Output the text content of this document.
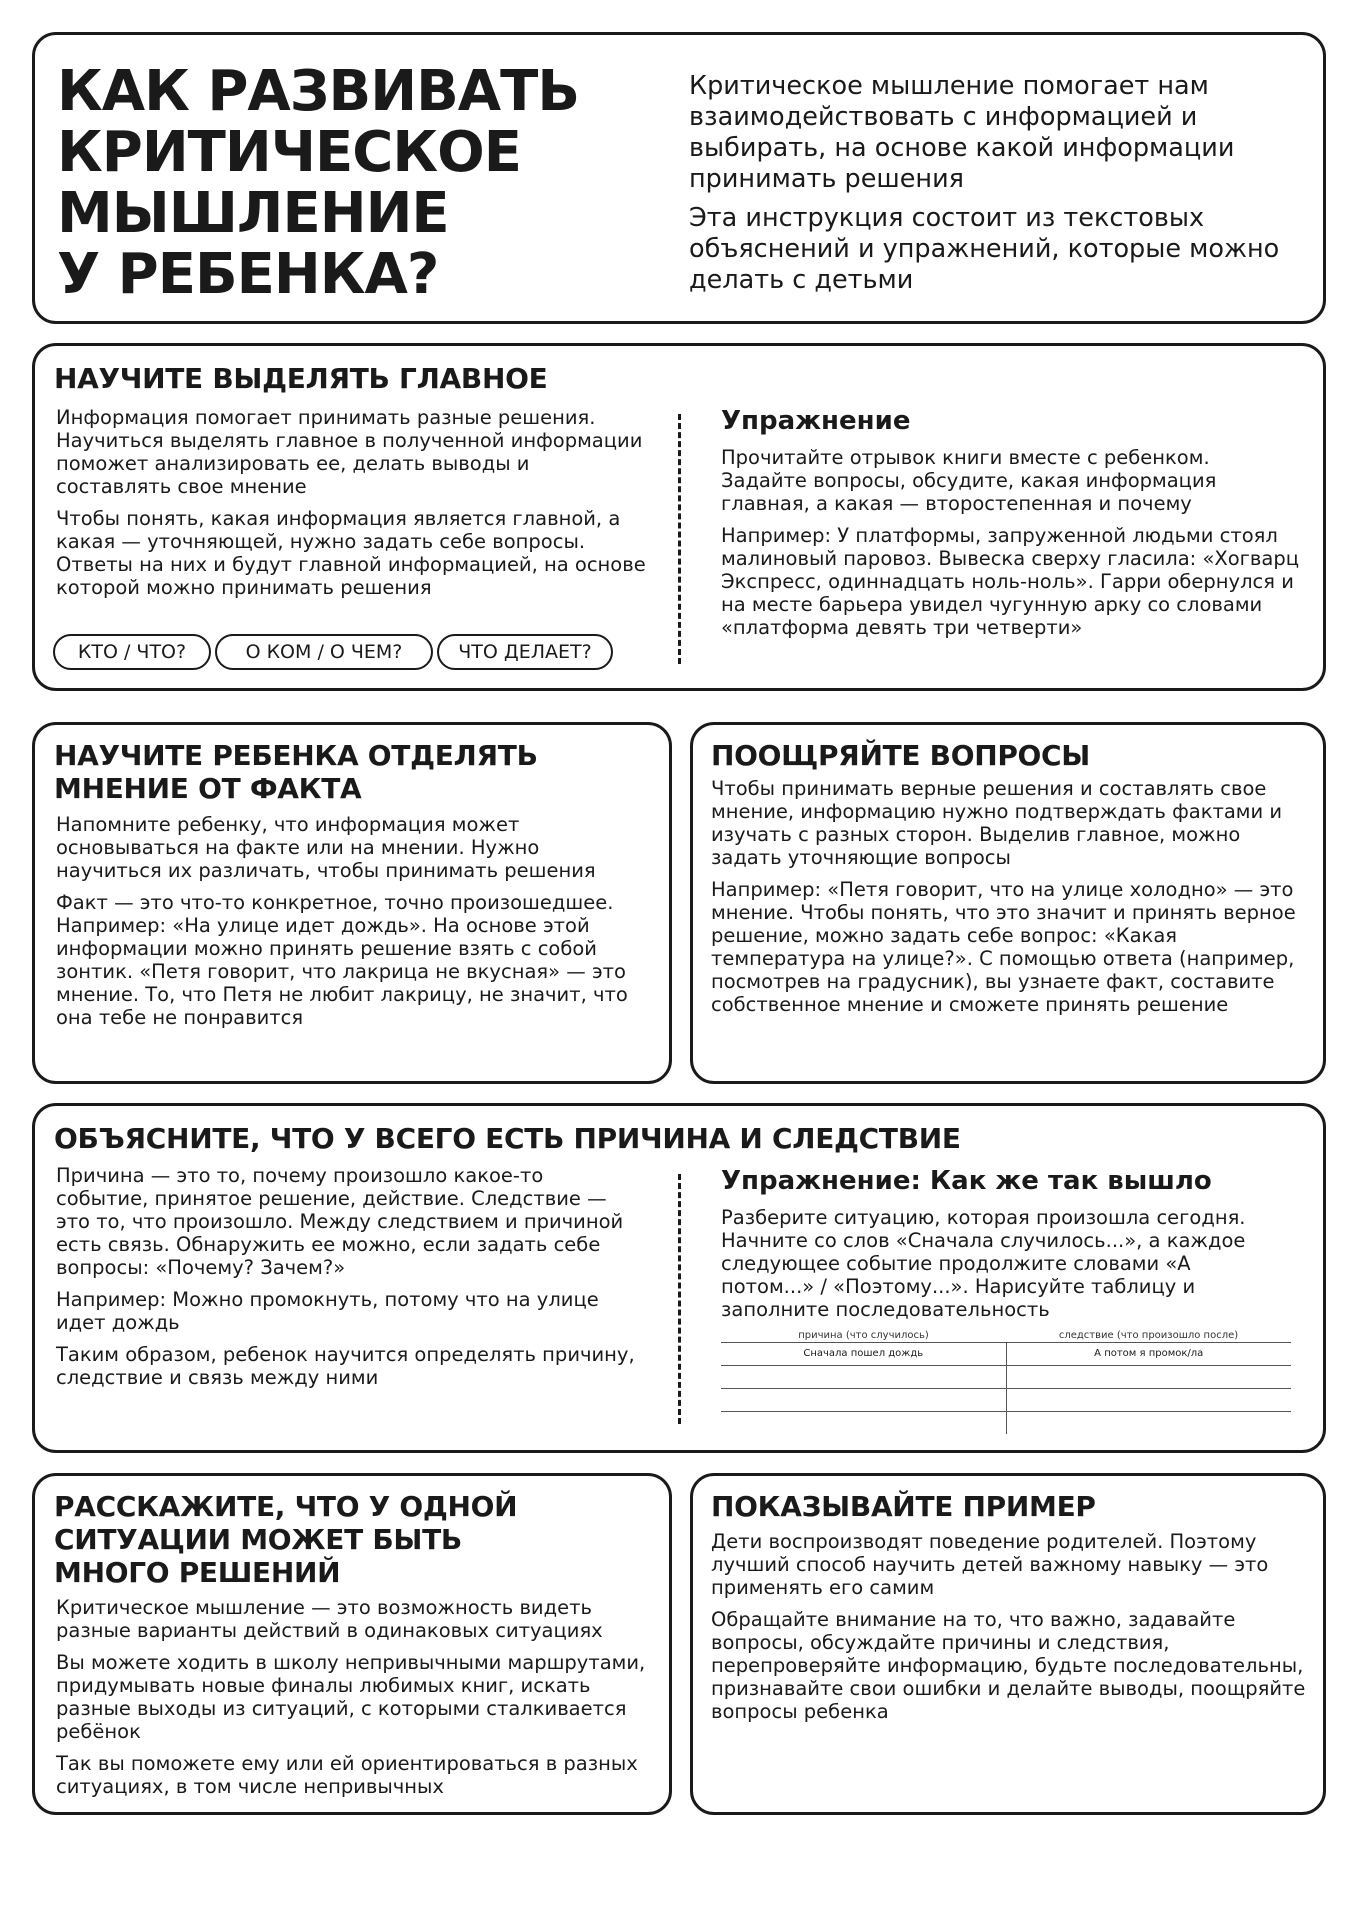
КАК РАЗВИВАТЬ
КРИТИЧЕСКОЕ
МЫШЛЕНИЕ
У РЕБЕНКА?

Критическое мышление помогает нам взаимодействовать с информацией и выбирать, на основе какой информации принимать решения

Эта инструкция состоит из текстовых объяснений и упражнений, которые можно делать с детьми

НАУЧИТЕ ВЫДЕЛЯТЬ ГЛАВНОЕ

Информация помогает принимать разные решения. Научиться выделять главное в полученной информации поможет анализировать ее, делать выводы и составлять свое мнение

Чтобы понять, какая информация является главной, а какая — уточняющей, нужно задать себе вопросы. Ответы на них и будут главной информацией, на основе которой можно принимать решения

КТО / ЧТО?	О КОМ / О ЧЕМ?	ЧТО ДЕЛАЕТ?
Упражнение

Прочитайте отрывок книги вместе с ребенком. Задайте вопросы, обсудите, какая информация главная, а какая — второстепенная и почему

Например: У платформы, запруженной людьми стоял малиновый паровоз. Вывеска сверху гласила: «Хогварц Экспресс, одиннадцать ноль-ноль». Гарри обернулся и на месте барьера увидел чугунную арку со словами «платформа девять три четверти»

НАУЧИТЕ РЕБЕНКА ОТДЕЛЯТЬ МНЕНИЕ ОТ ФАКТА

Напомните ребенку, что информация может основываться на факте или на мнении. Нужно научиться их различать, чтобы принимать решения

Факт — это что-то конкретное, точно произошедшее. Например: «На улице идет дождь». На основе этой информации можно принять решение взять с собой зонтик. «Петя говорит, что лакрица не вкусная» — это мнение. То, что Петя не любит лакрицу, не значит, что она тебе не понравится

ПООЩРЯЙТЕ ВОПРОСЫ

Чтобы принимать верные решения и составлять свое мнение, информацию нужно подтверждать фактами и изучать с разных сторон. Выделив главное, можно задать уточняющие вопросы

Например: «Петя говорит, что на улице холодно» — это мнение. Чтобы понять, что это значит и принять верное решение, можно задать себе вопрос: «Какая температура на улице?». С помощью ответа (например, посмотрев на градусник), вы узнаете факт, составите собственное мнение и сможете принять решение

ОБЪЯСНИТЕ, ЧТО У ВСЕГО ЕСТЬ ПРИЧИНА И СЛЕДСТВИЕ

Причина — это то, почему произошло какое-то событие, принятое решение, действие. Следствие — это то, что произошло. Между следствием и причиной есть связь. Обнаружить ее можно, если задать себе вопросы: «Почему? Зачем?»

Например: Можно промокнуть, потому что на улице идет дождь

Таким образом, ребенок научится определять причину, следствие и связь между ними

Упражнение: Как же так вышло

Разберите ситуацию, которая произошла сегодня. Начните со слов «Сначала случилось...», а каждое следующее событие продолжите словами «А потом...» / «Поэтому...». Нарисуйте таблицу и заполните последовательность

причина (что случилось)	следствие (что произошло после)
Сначала пошел дождь	А потом я промок/ла
РАССКАЖИТЕ, ЧТО У ОДНОЙ СИТУАЦИИ МОЖЕТ БЫТЬ МНОГО РЕШЕНИЙ

Критическое мышление — это возможность видеть разные варианты действий в одинаковых ситуациях

Вы можете ходить в школу непривычными маршрутами, придумывать новые финалы любимых книг, искать разные выходы из ситуаций, с которыми сталкивается ребёнок

Так вы поможете ему или ей ориентироваться в разных ситуациях, в том числе непривычных

ПОКАЗЫВАЙТЕ ПРИМЕР

Дети воспроизводят поведение родителей. Поэтому лучший способ научить детей важному навыку — это применять его самим

Обращайте внимание на то, что важно, задавайте вопросы, обсуждайте причины и следствия, перепроверяйте информацию, будьте последовательны, признавайте свои ошибки и делайте выводы, поощряйте вопросы ребенка
